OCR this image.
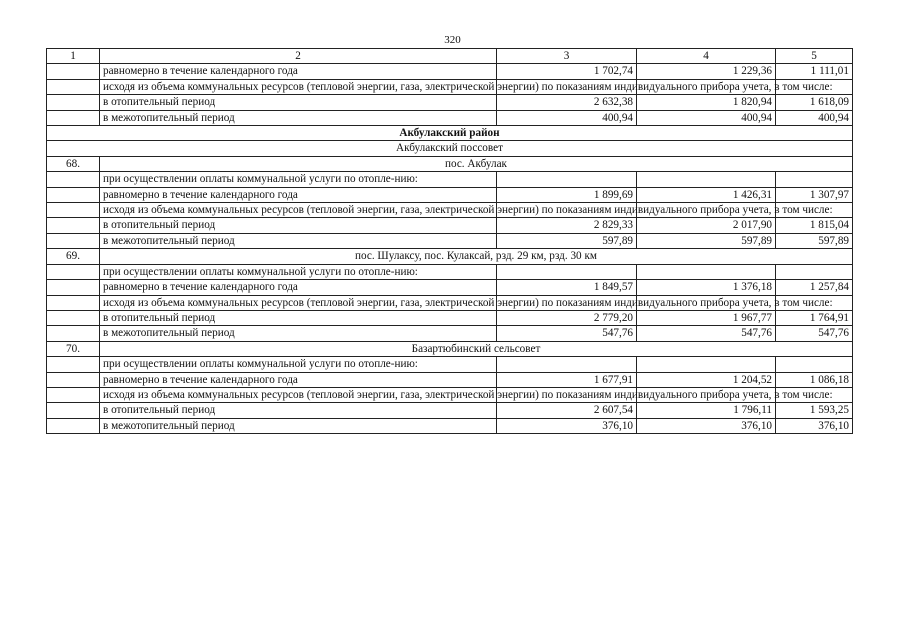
320
1	2	3	4	5
	равномерно в течение календарного года	1 702,74	1 229,36	1 111,01
	исходя из объема коммунальных ресурсов (тепловой энергии, газа, электрической энергии) по показаниям индивидуального прибора учета, в том числе:			
	в отопительный период	2 632,38	1 820,94	1 618,09
	в межотопительный период	400,94	400,94	400,94
Акбулакский район				
Акбулакский поссовет				
68.	пос. Акбулак			
	при осуществлении оплаты коммунальной услуги по отопле-нию:			
	равномерно в течение календарного года	1 899,69	1 426,31	1 307,97
	исходя из объема коммунальных ресурсов (тепловой энергии, газа, электрической энергии) по показаниям индивидуального прибора учета, в том числе:			
	в отопительный период	2 829,33	2 017,90	1 815,04
	в межотопительный период	597,89	597,89	597,89
69.	пос. Шулаксу, пос. Кулаксай, рзд. 29 км, рзд. 30 км			
	при осуществлении оплаты коммунальной услуги по отопле-нию:			
	равномерно в течение календарного года	1 849,57	1 376,18	1 257,84
	исходя из объема коммунальных ресурсов (тепловой энергии, газа, электрической энергии) по показаниям индивидуального прибора учета, в том числе:			
	в отопительный период	2 779,20	1 967,77	1 764,91
	в межотопительный период	547,76	547,76	547,76
70.	Базартюбинский сельсовет			
	при осуществлении оплаты коммунальной услуги по отопле-нию:			
	равномерно в течение календарного года	1 677,91	1 204,52	1 086,18
	исходя из объема коммунальных ресурсов (тепловой энергии, газа, электрической энергии) по показаниям индивидуального прибора учета, в том числе:			
	в отопительный период	2 607,54	1 796,11	1 593,25
	в межотопительный период	376,10	376,10	376,10
